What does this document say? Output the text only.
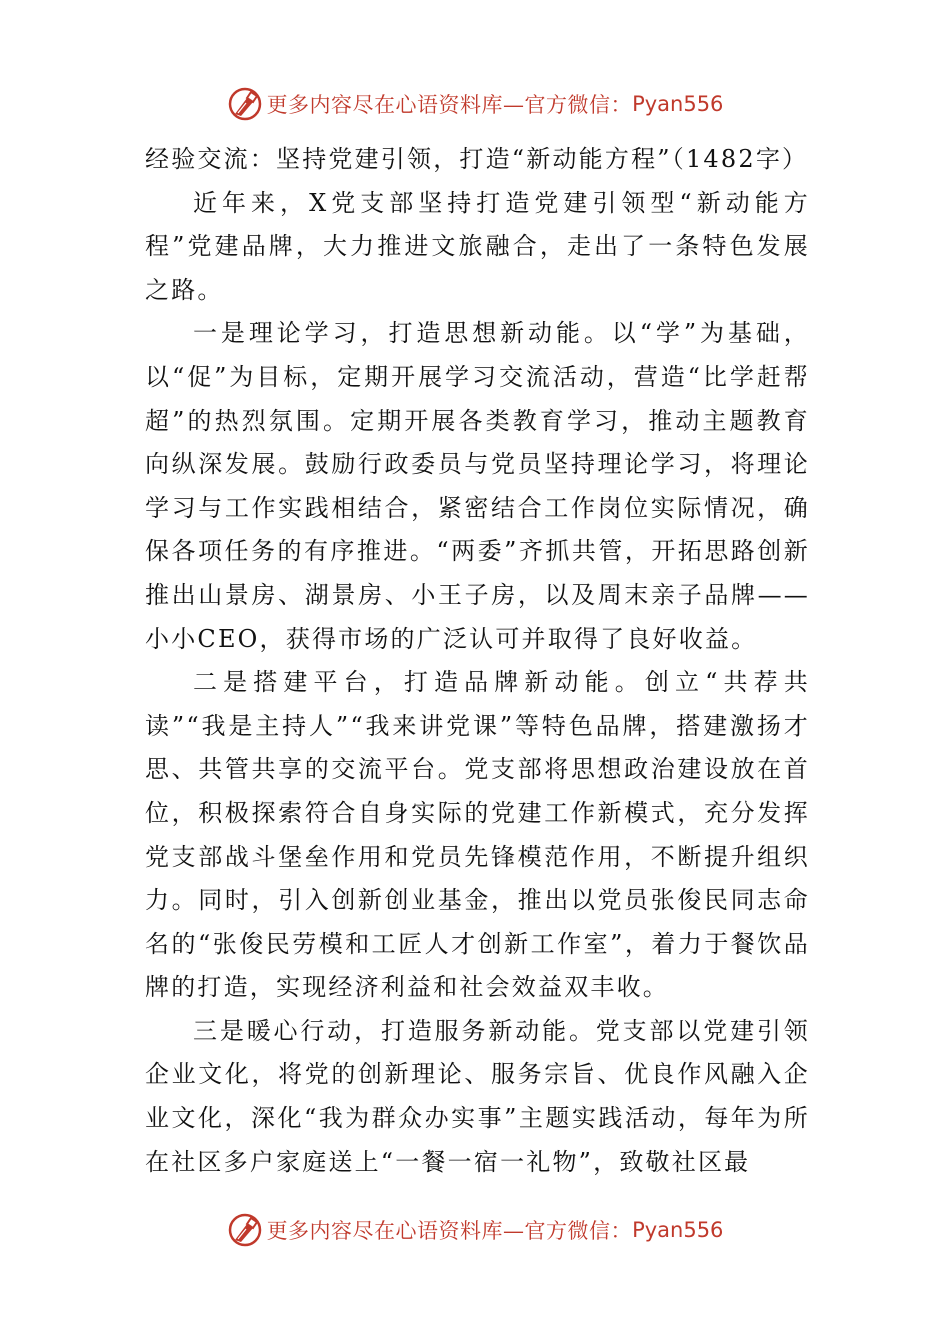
更多内容尽在心语资料库—官方微信： Pyan556

经验交流：坚持党建引领，打造“新动能方程”（1482字）

近年来，X党支部坚持打造党建引领型“新动能方程”党建品牌，大力推进文旅融合，走出了一条特色发展之路。

一是理论学习，打造思想新动能。以“学”为基础，以“促”为目标，定期开展学习交流活动，营造“比学赶帮超”的热烈氛围。定期开展各类教育学习，推动主题教育向纵深发展。鼓励行政委员与党员坚持理论学习，将理论学习与工作实践相结合，紧密结合工作岗位实际情况，确保各项任务的有序推进。“两委”齐抓共管，开拓思路创新推出山景房、湖景房、小王子房，以及周末亲子品牌——小小CEO，获得市场的广泛认可并取得了良好收益。

二是搭建平台，打造品牌新动能。创立“共荐共读”“我是主持人”“我来讲党课”等特色品牌，搭建激扬才思、共管共享的交流平台。党支部将思想政治建设放在首位，积极探索符合自身实际的党建工作新模式，充分发挥党支部战斗堡垒作用和党员先锋模范作用，不断提升组织力。同时，引入创新创业基金，推出以党员张俊民同志命名的“张俊民劳模和工匠人才创新工作室”，着力于餐饮品牌的打造，实现经济利益和社会效益双丰收。

三是暖心行动，打造服务新动能。党支部以党建引领企业文化，将党的创新理论、服务宗旨、优良作风融入企业文化，深化“我为群众办实事”主题实践活动，每年为所在社区多户家庭送上“一餐一宿一礼物”，致敬社区最

更多内容尽在心语资料库—官方微信： Pyan556
